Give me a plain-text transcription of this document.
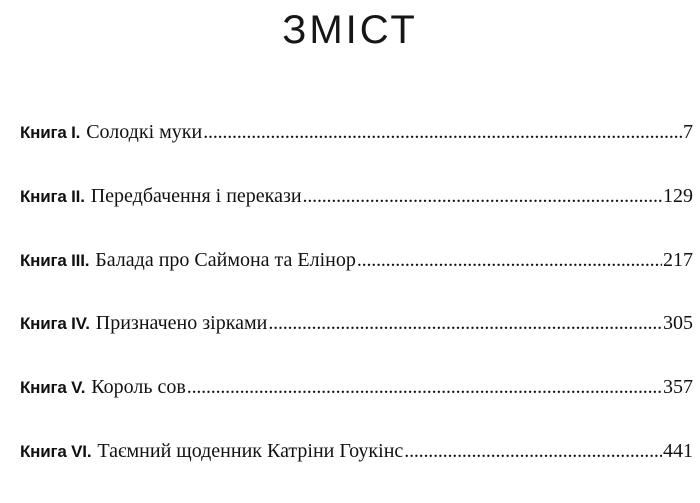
ЗМІСТ
Книга І. Солодкі муки . . .	7
Книга ІІ. Передбачення і перекази . . .	129
Книга ІІІ. Балада про Саймона та Елінор . . .	217
Книга IV. Призначено зірками . . .	305
Книга V. Король сов . . .	357
Книга VI. Таємний щоденник Катріни Гоукінс . . .	441
